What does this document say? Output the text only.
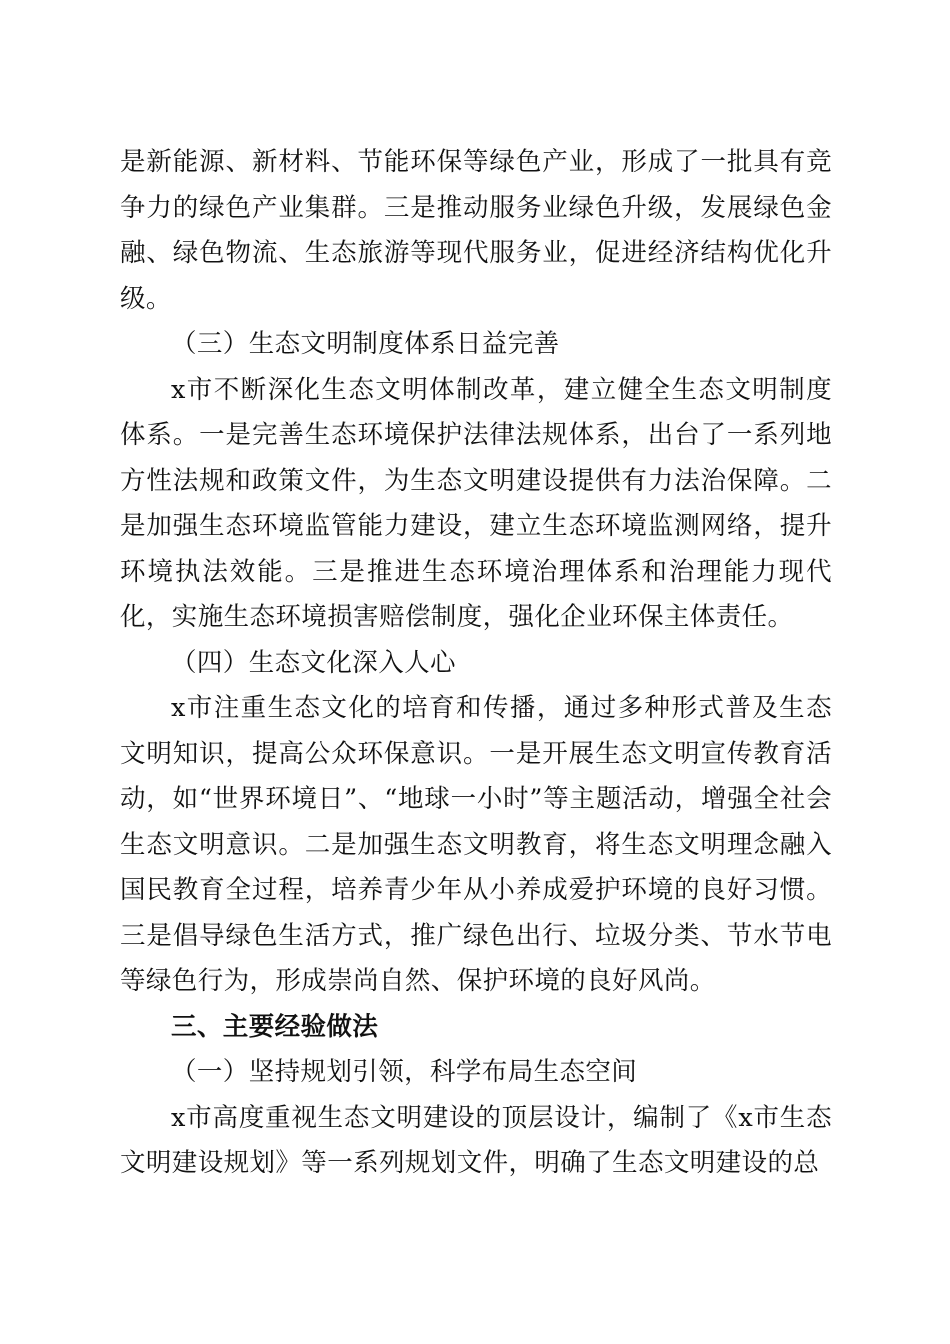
是新能源、新材料、节能环保等绿色产业，形成了一批具有竞争力的绿色产业集群。三是推动服务业绿色升级，发展绿色金融、绿色物流、生态旅游等现代服务业，促进经济结构优化升级。

（三）生态文明制度体系日益完善

x市不断深化生态文明体制改革，建立健全生态文明制度体系。一是完善生态环境保护法律法规体系，出台了一系列地方性法规和政策文件，为生态文明建设提供有力法治保障。二是加强生态环境监管能力建设，建立生态环境监测网络，提升环境执法效能。三是推进生态环境治理体系和治理能力现代化，实施生态环境损害赔偿制度，强化企业环保主体责任。

（四）生态文化深入人心

x市注重生态文化的培育和传播，通过多种形式普及生态文明知识，提高公众环保意识。一是开展生态文明宣传教育活动，如“世界环境日”、“地球一小时”等主题活动，增强全社会生态文明意识。二是加强生态文明教育，将生态文明理念融入国民教育全过程，培养青少年从小养成爱护环境的良好习惯。三是倡导绿色生活方式，推广绿色出行、垃圾分类、节水节电等绿色行为，形成崇尚自然、保护环境的良好风尚。

三、主要经验做法

（一）坚持规划引领，科学布局生态空间

x市高度重视生态文明建设的顶层设计，编制了《x市生态文明建设规划》等一系列规划文件，明确了生态文明建设的总
